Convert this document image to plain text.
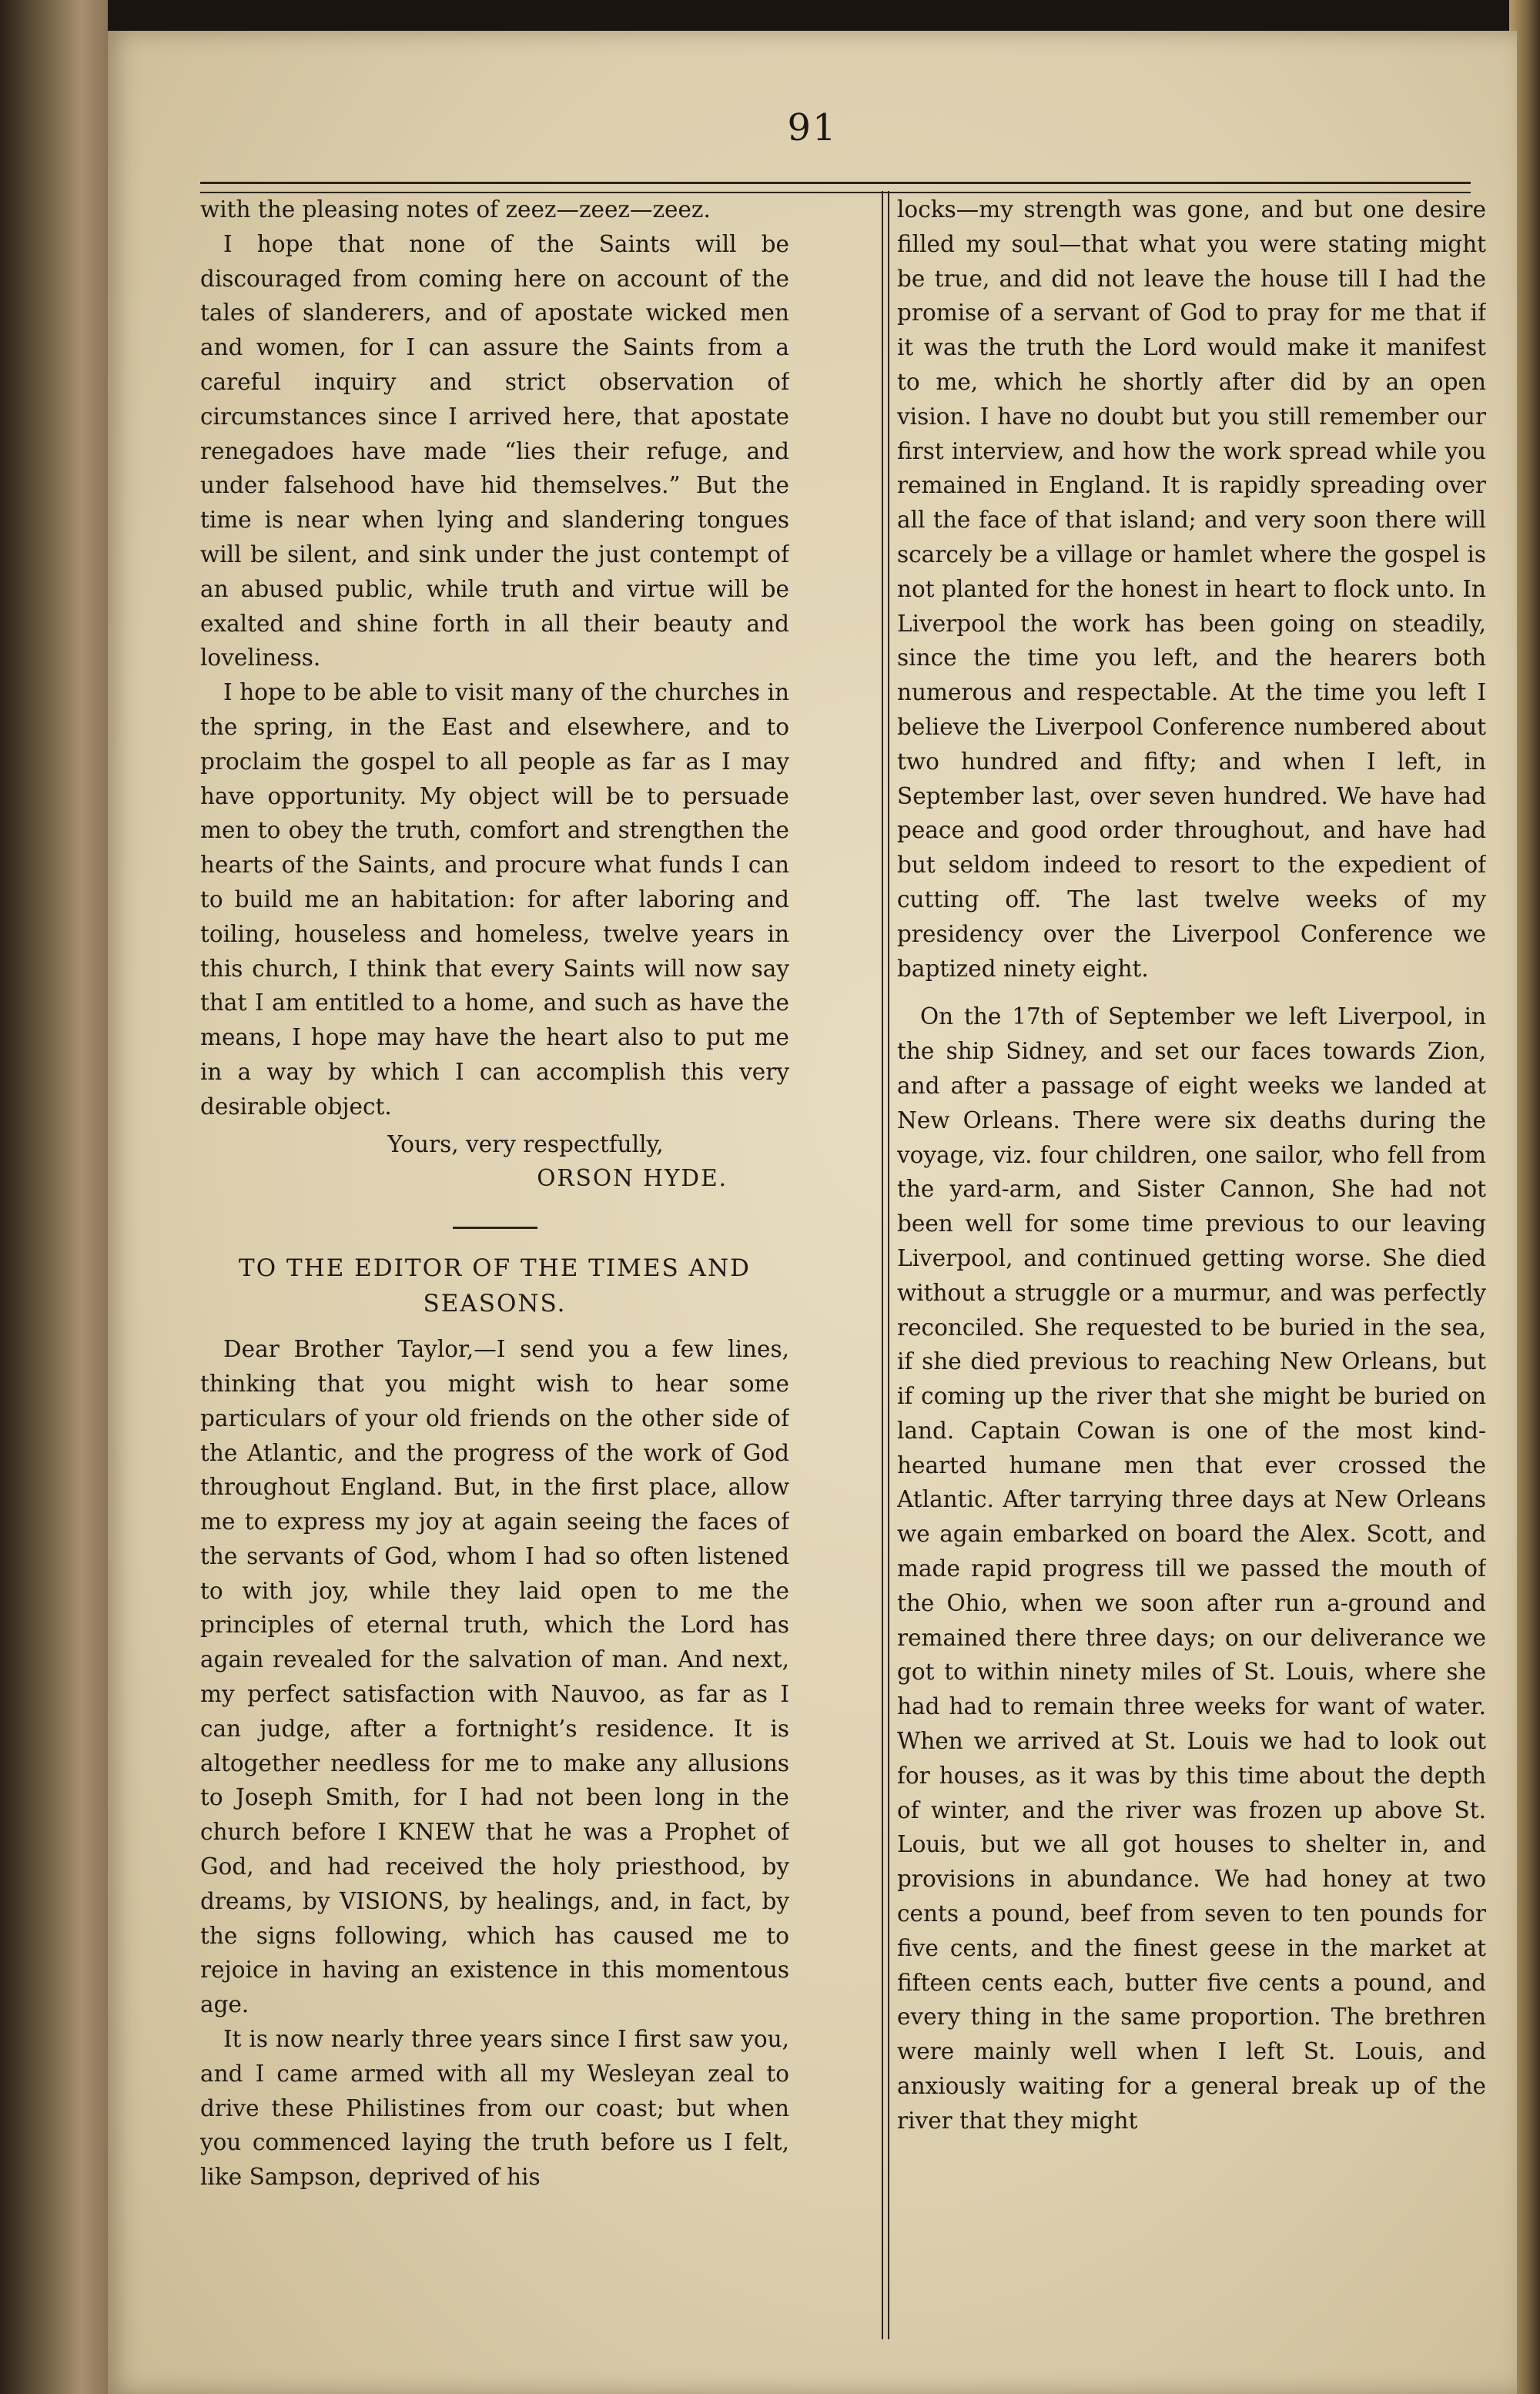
91

with the pleasing notes of zeez—zeez—zeez.

I hope that none of the Saints will be discouraged from coming here on account of the tales of slanderers, and of apostate wicked men and women, for I can assure the Saints from a careful inquiry and strict observation of circumstances since I arrived here, that apostate renegadoes have made “lies their refuge, and under falsehood have hid themselves.” But the time is near when lying and slandering tongues will be silent, and sink under the just contempt of an abused public, while truth and virtue will be exalted and shine forth in all their beauty and loveliness.

I hope to be able to visit many of the churches in the spring, in the East and elsewhere, and to proclaim the gospel to all people as far as I may have opportunity. My object will be to persuade men to obey the truth, comfort and strengthen the hearts of the Saints, and procure what funds I can to build me an habitation: for after laboring and toiling, houseless and homeless, twelve years in this church, I think that every Saints will now say that I am entitled to a home, and such as have the means, I hope may have the heart also to put me in a way by which I can accomplish this very desirable object.

Yours, very respectfully,

ORSON HYDE.

TO THE EDITOR OF THE TIMES AND SEASONS.

Dear Brother Taylor,—I send you a few lines, thinking that you might wish to hear some particulars of your old friends on the other side of the Atlantic, and the progress of the work of God throughout England. But, in the first place, allow me to express my joy at again seeing the faces of the servants of God, whom I had so often listened to with joy, while they laid open to me the principles of eternal truth, which the Lord has again revealed for the salvation of man. And next, my perfect satisfaction with Nauvoo, as far as I can judge, after a fortnight’s residence. It is altogether needless for me to make any allusions to Joseph Smith, for I had not been long in the church before I KNEW that he was a Prophet of God, and had received the holy priesthood, by dreams, by VISIONS, by healings, and, in fact, by the signs following, which has caused me to rejoice in having an existence in this momentous age.

It is now nearly three years since I first saw you, and I came armed with all my Wesleyan zeal to drive these Philistines from our coast; but when you commenced laying the truth before us I felt, like Sampson, deprived of his

locks—my strength was gone, and but one desire filled my soul—that what you were stating might be true, and did not leave the house till I had the promise of a servant of God to pray for me that if it was the truth the Lord would make it manifest to me, which he shortly after did by an open vision. I have no doubt but you still remember our first interview, and how the work spread while you remained in England. It is rapidly spreading over all the face of that island; and very soon there will scarcely be a village or hamlet where the gospel is not planted for the honest in heart to flock unto. In Liverpool the work has been going on steadily, since the time you left, and the hearers both numerous and respectable. At the time you left I believe the Liverpool Conference numbered about two hundred and fifty; and when I left, in September last, over seven hundred. We have had peace and good order throughout, and have had but seldom indeed to resort to the expedient of cutting off. The last twelve weeks of my presidency over the Liverpool Conference we baptized ninety eight.

On the 17th of September we left Liverpool, in the ship Sidney, and set our faces towards Zion, and after a passage of eight weeks we landed at New Orleans. There were six deaths during the voyage, viz. four children, one sailor, who fell from the yard-arm, and Sister Cannon, She had not been well for some time previous to our leaving Liverpool, and continued getting worse. She died without a struggle or a murmur, and was perfectly reconciled. She requested to be buried in the sea, if she died previous to reaching New Orleans, but if coming up the river that she might be buried on land. Captain Cowan is one of the most kind-hearted humane men that ever crossed the Atlantic. After tarrying three days at New Orleans we again embarked on board the Alex. Scott, and made rapid progress till we passed the mouth of the Ohio, when we soon after run a-ground and remained there three days; on our deliverance we got to within ninety miles of St. Louis, where she had had to remain three weeks for want of water. When we arrived at St. Louis we had to look out for houses, as it was by this time about the depth of winter, and the river was frozen up above St. Louis, but we all got houses to shelter in, and provisions in abundance. We had honey at two cents a pound, beef from seven to ten pounds for five cents, and the finest geese in the market at fifteen cents each, butter five cents a pound, and every thing in the same proportion. The brethren were mainly well when I left St. Louis, and anxiously waiting for a general break up of the river that they might
